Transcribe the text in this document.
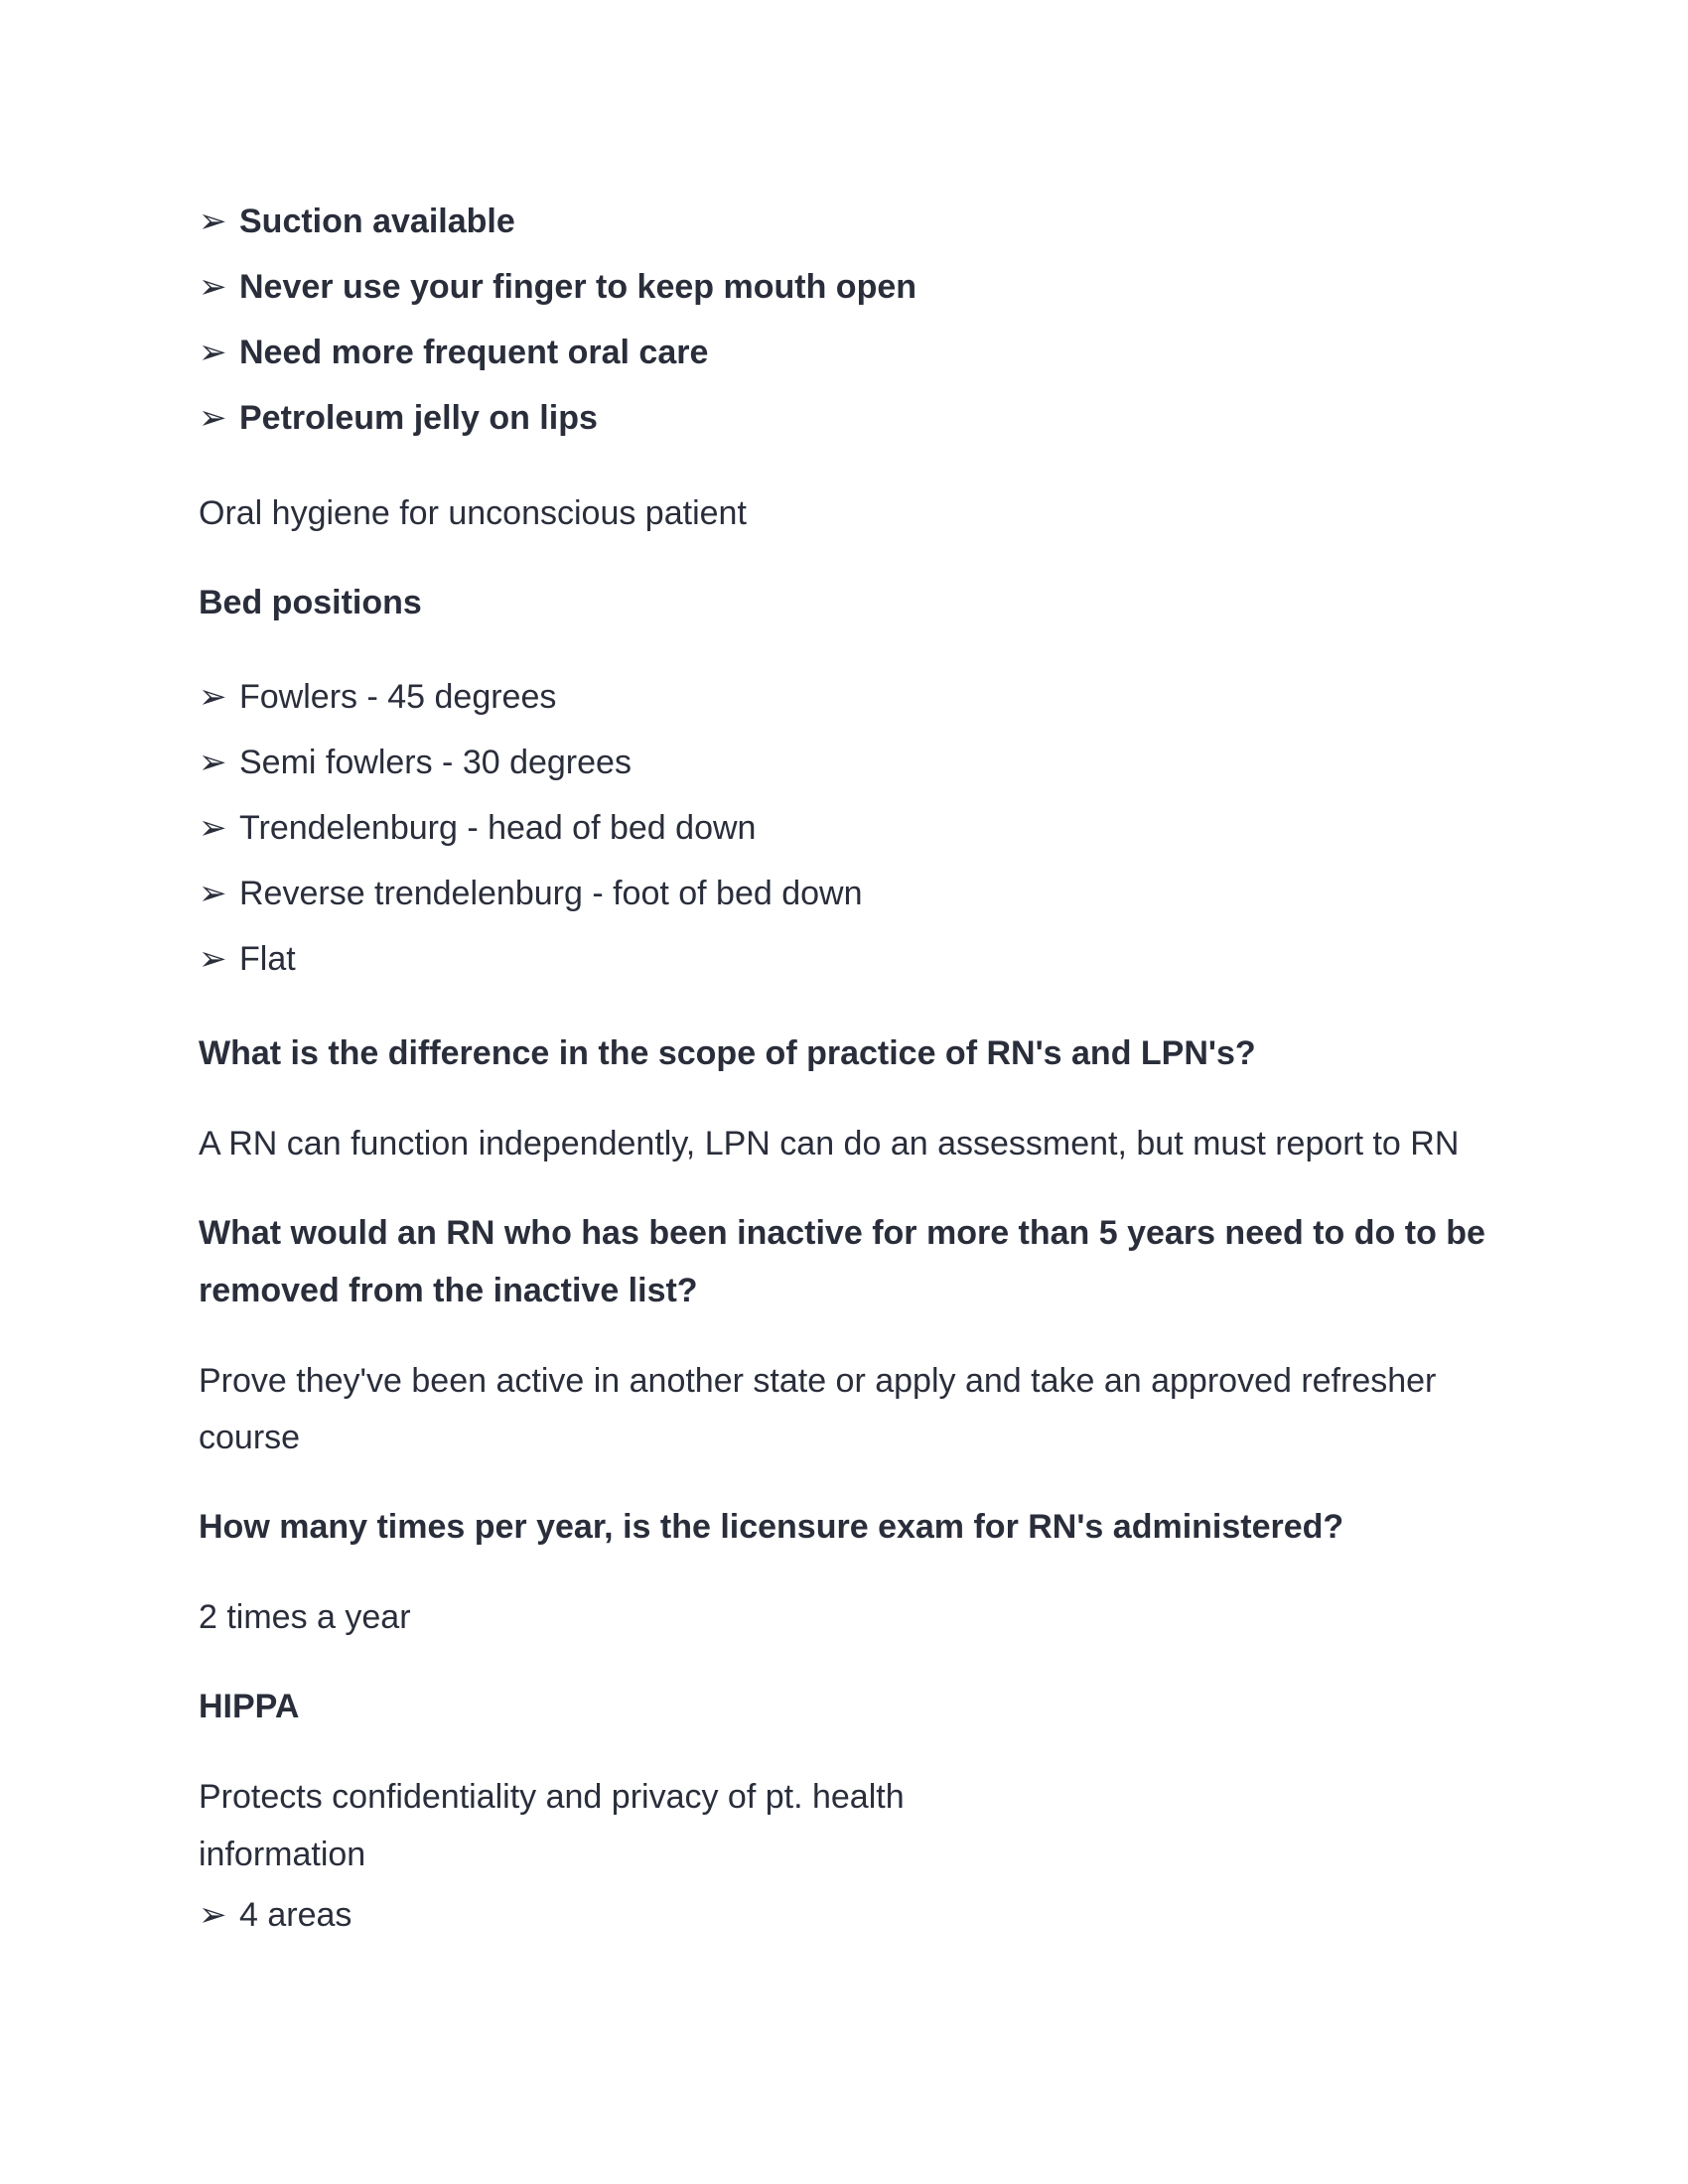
➢ Suction available

➢ Never use your finger to keep mouth open

➢ Need more frequent oral care

➢ Petroleum jelly on lips

Oral hygiene for unconscious patient

Bed positions

➢ Fowlers - 45 degrees

➢ Semi fowlers - 30 degrees

➢ Trendelenburg - head of bed down

➢ Reverse trendelenburg - foot of bed down

➢ Flat

What is the difference in the scope of practice of RN's and LPN's?

A RN can function independently, LPN can do an assessment, but must report to RN

What would an RN who has been inactive for more than 5 years need to do to be

removed from the inactive list?

Prove they've been active in another state or apply and take an approved refresher

course

How many times per year, is the licensure exam for RN's administered?

2 times a year

HIPPA

Protects confidentiality and privacy of pt. health

information

➢ 4 areas
